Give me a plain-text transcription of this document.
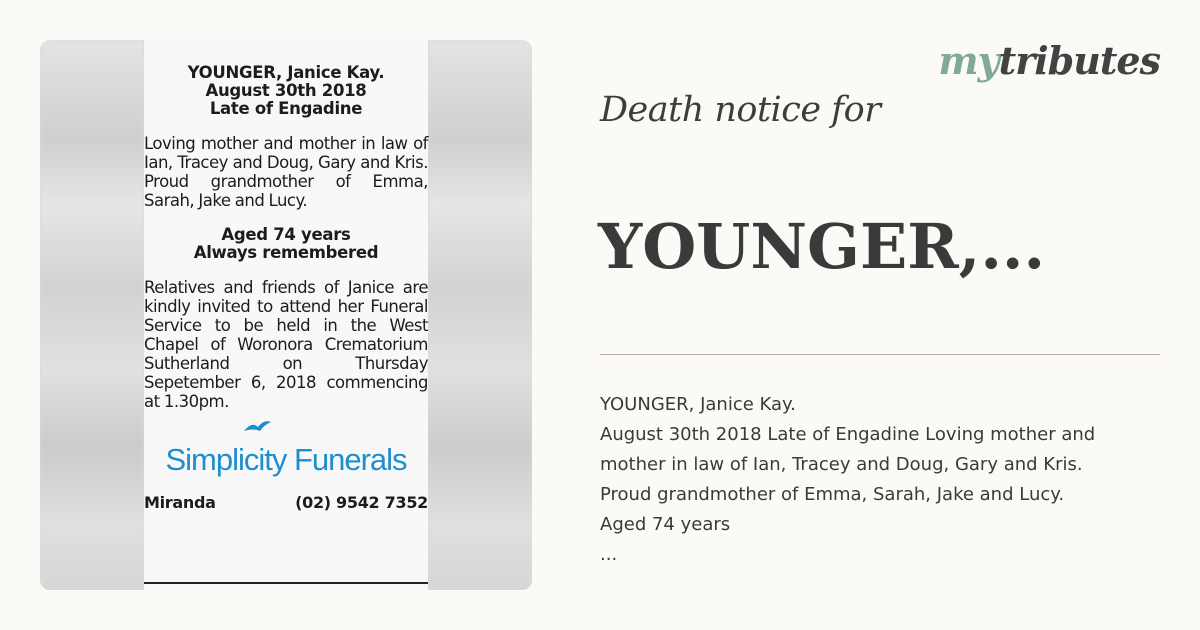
YOUNGER, Janice Kay.
August 30th 2018
Late of Engadine
Loving mother and mother in law of Ian, Tracey and Doug, Gary and Kris. Proud grandmother of Emma, Sarah, Jake and Lucy.
Aged 74 years
Always remembered
Relatives and friends of Janice are kindly invited to attend her Funeral Service to be held in the West Chapel of Woronora Crematorium Sutherland on Thursday Sepetember 6, 2018 commencing at 1.30pm.
Simplicity Funerals
Miranda	(02) 9542 7352
mytributes
Death notice for
YOUNGER,...
YOUNGER, Janice Kay.
August 30th 2018 Late of Engadine Loving mother and
mother in law of Ian, Tracey and Doug, Gary and Kris.
Proud grandmother of Emma, Sarah, Jake and Lucy.
Aged 74 years
...
